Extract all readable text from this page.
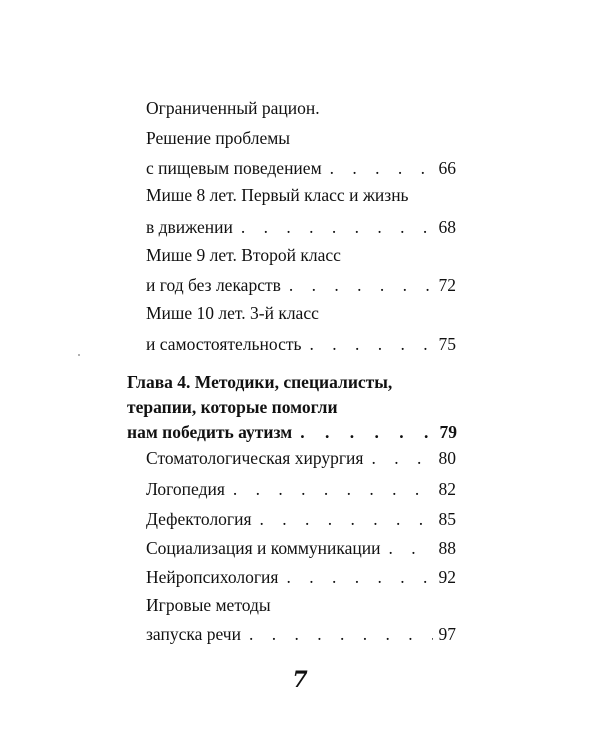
Ограниченный рацион.
Решение проблемы
с пищевым поведением . . .	66
Мише 8 лет. Первый класс и жизнь
в движении . . .	68
Мише 9 лет. Второй класс
и год без лекарств . . .	72
Мише 10 лет. 3-й класс
и самостоятельность . . .	75
Глава 4. Методики, специалисты,
терапии, которые помогли
нам победить аутизм . . .	79
Стоматологическая хирургия . . .	80
Логопедия . . .	82
Дефектология . . .	85
Социализация и коммуникации . . .	88
Нейропсихология . . .	92
Игровые методы
запуска речи . . .	97
7
